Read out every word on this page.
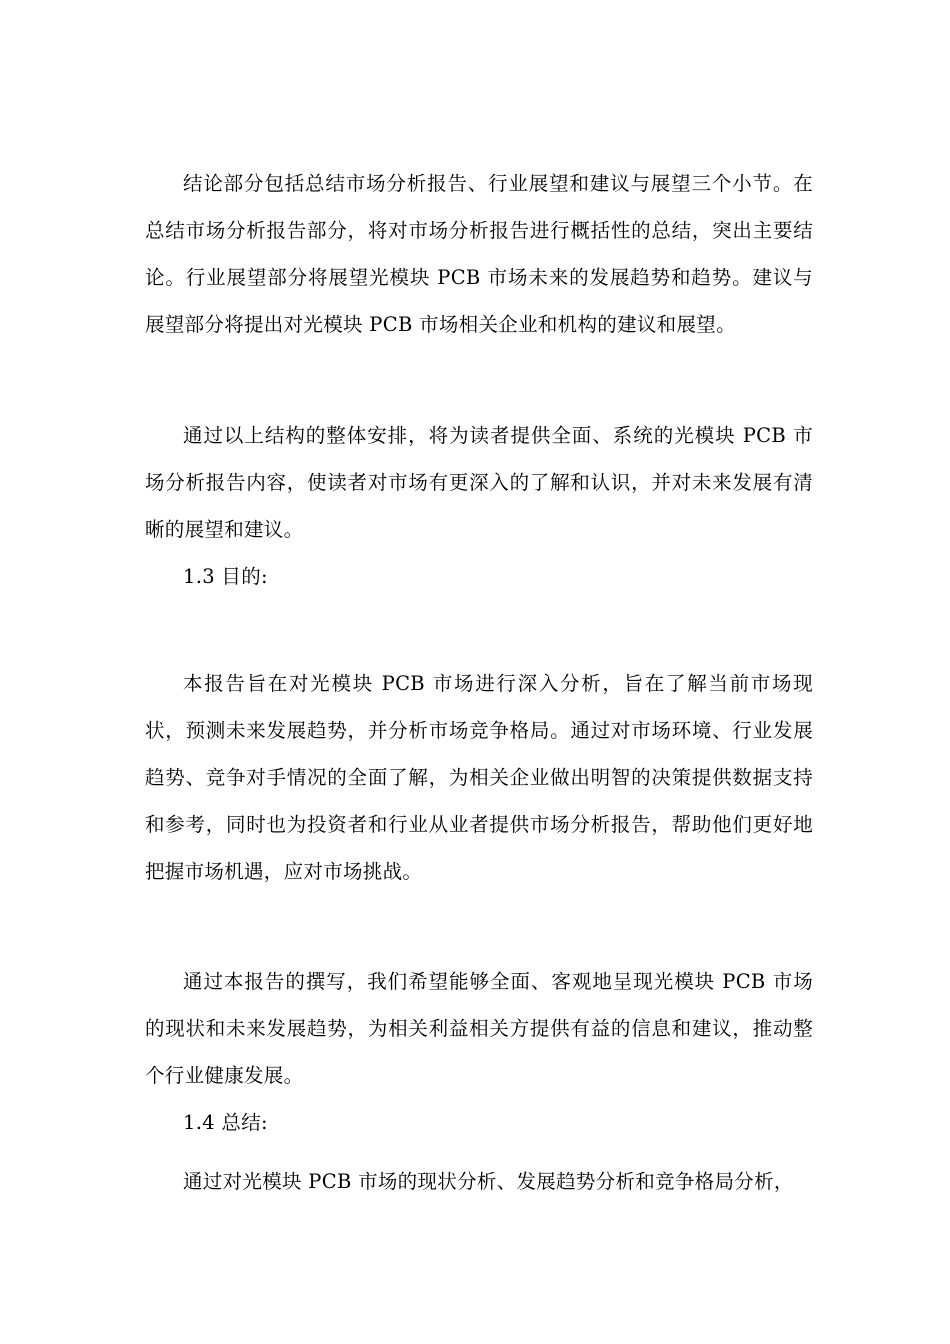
结论部分包括总结市场分析报告、行业展望和建议与展望三个小节。在总结市场分析报告部分，将对市场分析报告进行概括性的总结，突出主要结论。行业展望部分将展望光模块 PCB 市场未来的发展趋势和趋势。建议与展望部分将提出对光模块 PCB 市场相关企业和机构的建议和展望。

通过以上结构的整体安排，将为读者提供全面、系统的光模块 PCB 市场分析报告内容，使读者对市场有更深入的了解和认识，并对未来发展有清晰的展望和建议。

1.3 目的:

本报告旨在对光模块 PCB 市场进行深入分析，旨在了解当前市场现状，预测未来发展趋势，并分析市场竞争格局。通过对市场环境、行业发展趋势、竞争对手情况的全面了解，为相关企业做出明智的决策提供数据支持和参考，同时也为投资者和行业从业者提供市场分析报告，帮助他们更好地把握市场机遇，应对市场挑战。

通过本报告的撰写，我们希望能够全面、客观地呈现光模块 PCB 市场的现状和未来发展趋势，为相关利益相关方提供有益的信息和建议，推动整个行业健康发展。

1.4 总结:

通过对光模块 PCB 市场的现状分析、发展趋势分析和竞争格局分析，
